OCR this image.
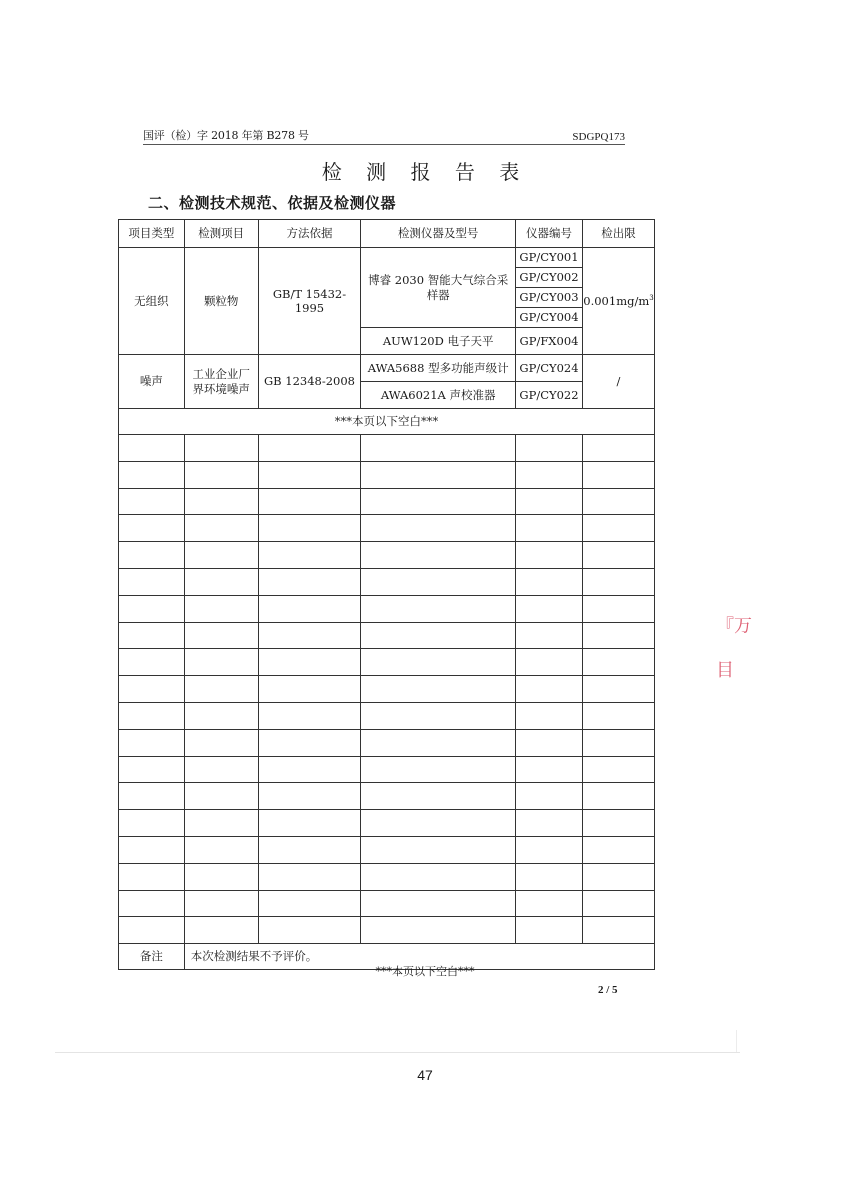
国评（检）字 2018 年第 B278 号	SDGPQ173
检 测 报 告 表
二、检测技术规范、依据及检测仪器
项目类型	检测项目	方法依据	检测仪器及型号	仪器编号	检出限
无组织	颗粒物	GB/T 15432-1995	博睿 2030 智能大气综合采样器	GP/CY001	$0.001mg/m^3$
				GP/CY002	
				GP/CY003	
				GP/CY004	
			AUW120D 电子天平	GP/FX004	
噪声	工业企业厂界环境噪声	GB 12348-2008	AWA5688 型多功能声级计	GP/CY024	/
			AWA6021A 声校准器	GP/CY022	
***本页以下空白***					

备注	本次检测结果不予评价。				
***本页以下空白***
2 / 5
47
『万
目
